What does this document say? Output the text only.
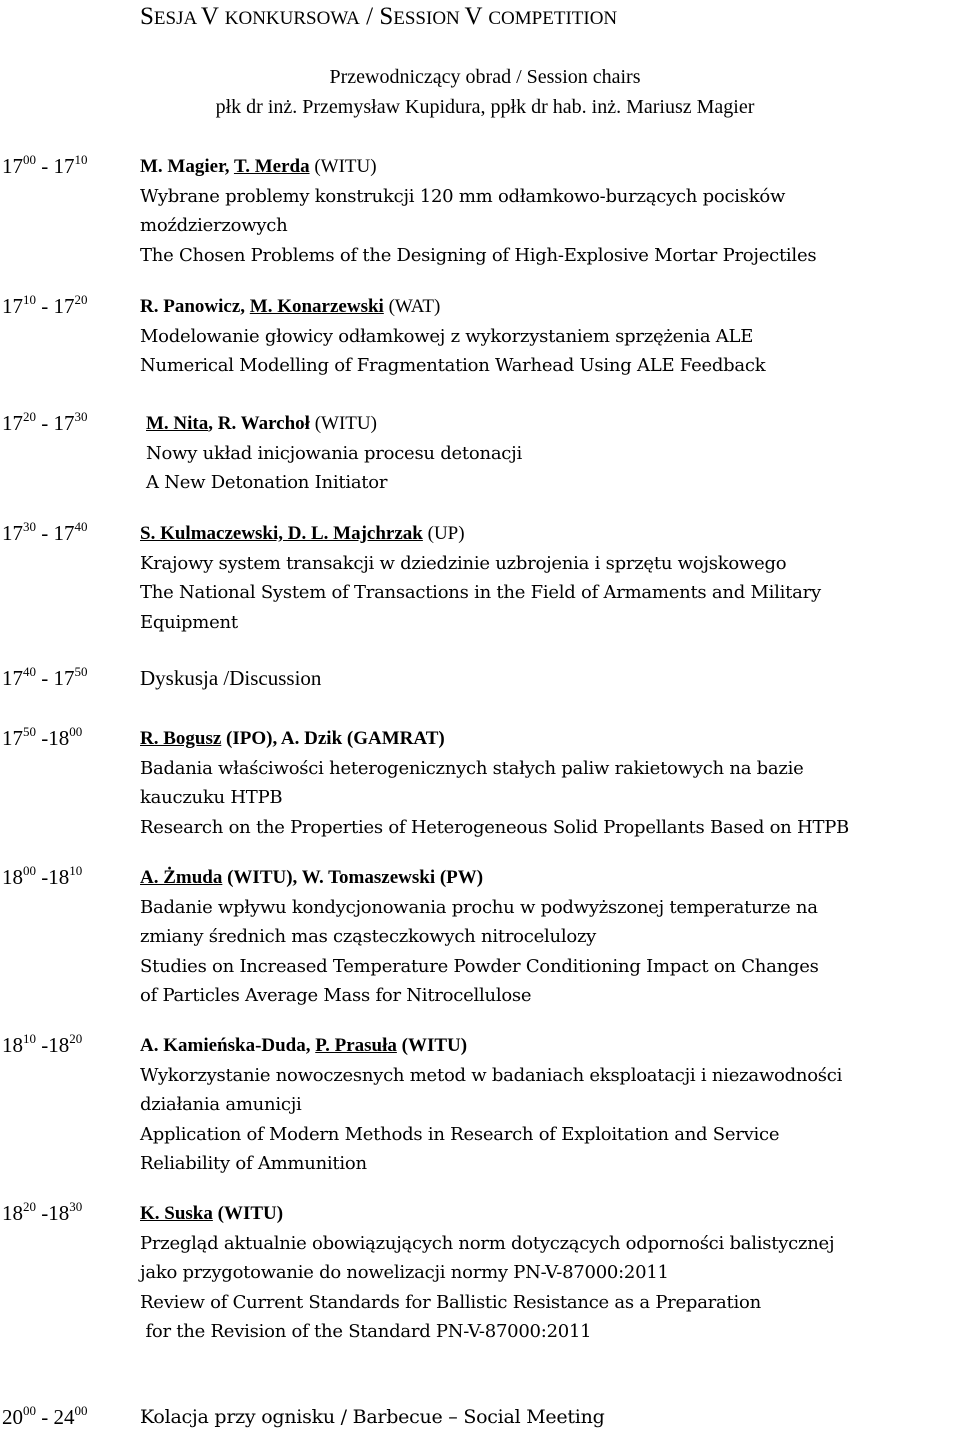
SESJA V KONKURSOWA / SESSION V COMPETITION
Przewodniczący obrad / Session chairs
płk dr inż. Przemysław Kupidura, ppłk dr hab. inż. Mariusz Magier
$17^{00} - 17^{10}$	M. Magier, T. Merda (WITU)
Wybrane problemy konstrukcji 120 mm odłamkowo-burzących pocisków
moździerzowych
The Chosen Problems of the Designing of High-Explosive Mortar Projectiles
$17^{10} - 17^{20}$	R. Panowicz, M. Konarzewski (WAT)
Modelowanie głowicy odłamkowej z wykorzystaniem sprzężenia ALE
Numerical Modelling of Fragmentation Warhead Using ALE Feedback
$17^{20} - 17^{30}$	M. Nita, R. Warchoł (WITU)
Nowy układ inicjowania procesu detonacji
A New Detonation Initiator
$17^{30} - 17^{40}$	S. Kulmaczewski, D. L. Majchrzak (UP)
Krajowy system transakcji w dziedzinie uzbrojenia i sprzętu wojskowego
The National System of Transactions in the Field of Armaments and Military
Equipment
$17^{40} - 17^{50}$	Dyskusja /Discussion
$17^{50}$ $-18^{00}$	R. Bogusz (IPO), A. Dzik (GAMRAT)
Badania właściwości heterogenicznych stałych paliw rakietowych na bazie
kauczuku HTPB
Research on the Properties of Heterogeneous Solid Propellants Based on HTPB
$18^{00}$ $-18^{10}$	A. Żmuda (WITU), W. Tomaszewski (PW)
Badanie wpływu kondycjonowania prochu w podwyższonej temperaturze na
zmiany średnich mas cząsteczkowych nitrocelulozy
Studies on Increased Temperature Powder Conditioning Impact on Changes
of Particles Average Mass for Nitrocellulose
$18^{10}$ $-18^{20}$	A. Kamieńska-Duda, P. Prasuła (WITU)
Wykorzystanie nowoczesnych metod w badaniach eksploatacji i niezawodności
działania amunicji
Application of Modern Methods in Research of Exploitation and Service
Reliability of Ammunition
$18^{20}$ $-18^{30}$	K. Suska (WITU)
Przegląd aktualnie obowiązujących norm dotyczących odporności balistycznej
jako przygotowanie do nowelizacji normy PN-V-87000:2011
Review of Current Standards for Ballistic Resistance as a Preparation
for the Revision of the Standard PN-V-87000:2011
$20^{00} - 24^{00}$	Kolacja przy ognisku / Barbecue – Social Meeting
